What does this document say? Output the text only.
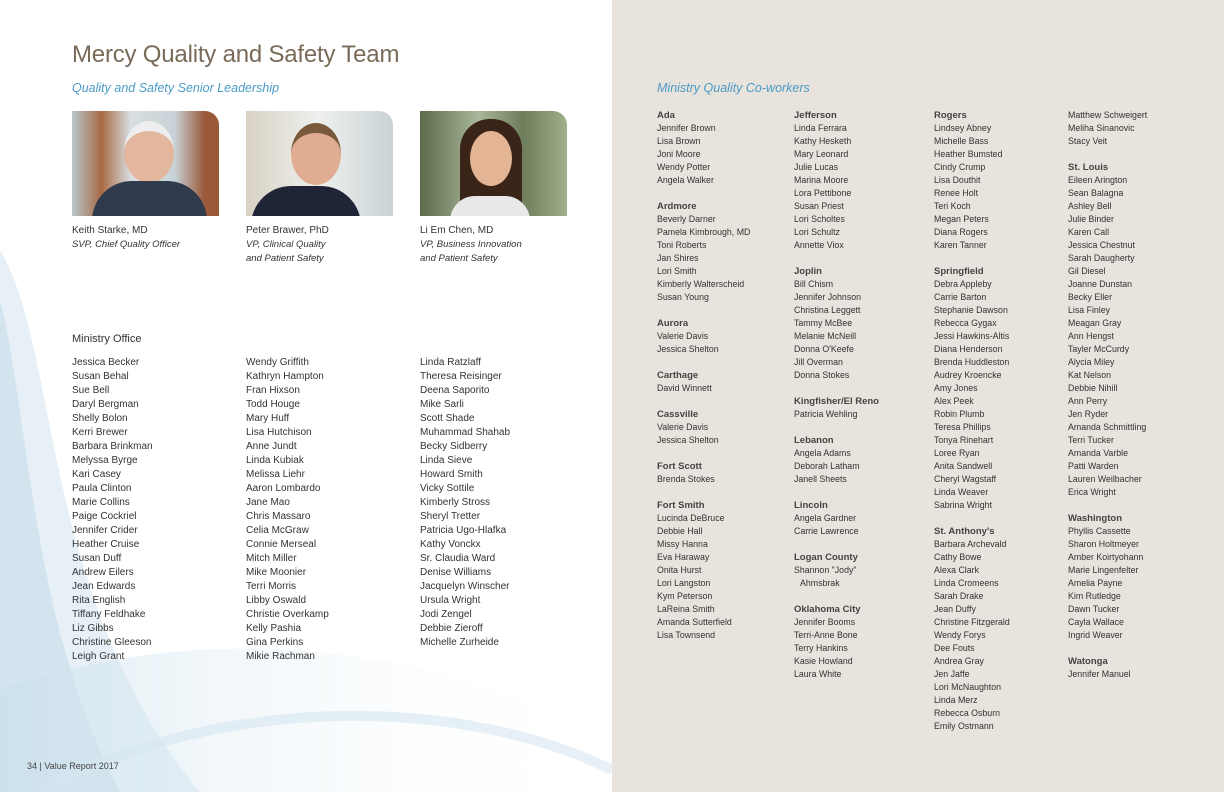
Mercy Quality and Safety Team
Quality and Safety Senior Leadership
Keith Starke, MD
SVP, Chief Quality Officer
Peter Brawer, PhD
VP, Clinical Quality
and Patient Safety
Li Em Chen, MD
VP, Business Innovation
and Patient Safety
Ministry Office
Jessica Becker
Susan Behal
Sue Bell
Daryl Bergman
Shelly Bolon
Kerri Brewer
Barbara Brinkman
Melyssa Byrge
Kari Casey
Paula Clinton
Marie Collins
Paige Cockriel
Jennifer Crider
Heather Cruise
Susan Duff
Andrew Eilers
Jean Edwards
Rita English
Tiffany Feldhake
Liz Gibbs
Christine Gleeson
Leigh Grant
Wendy Griffith
Kathryn Hampton
Fran Hixson
Todd Houge
Mary Huff
Lisa Hutchison
Anne Jundt
Linda Kubiak
Melissa Liehr
Aaron Lombardo
Jane Mao
Chris Massaro
Celia McGraw
Connie Merseal
Mitch Miller
Mike Moonier
Terri Morris
Libby Oswald
Christie Overkamp
Kelly Pashia
Gina Perkins
Mikie Rachman
Linda Ratzlaff
Theresa Reisinger
Deena Saporito
Mike Sarli
Scott Shade
Muhammad Shahab
Becky Sidberry
Linda Sieve
Howard Smith
Vicky Sottile
Kimberly Stross
Sheryl Tretter
Patricia Ugo-Hlafka
Kathy Vonckx
Sr. Claudia Ward
Denise Williams
Jacquelyn Winscher
Ursula Wright
Jodi Zengel
Debbie Zieroff
Michelle Zurheide
34 | Value Report 2017
Ministry Quality Co-workers
Ada
Jennifer Brown
Lisa Brown
Joni Moore
Wendy Potter
Angela Walker
Ardmore
Beverly Darner
Pamela Kimbrough, MD
Toni Roberts
Jan Shires
Lori Smith
Kimberly Walterscheid
Susan Young
Aurora
Valerie Davis
Jessica Shelton
Carthage
David Winnett
Cassville
Valerie Davis
Jessica Shelton
Fort Scott
Brenda Stokes
Fort Smith
Lucinda DeBruce
Debbie Hall
Missy Hanna
Eva Haraway
Onita Hurst
Lori Langston
Kym Peterson
LaReina Smith
Amanda Sutterfield
Lisa Townsend
Jefferson
Linda Ferrara
Kathy Hesketh
Mary Leonard
Julie Lucas
Marina Moore
Lora Pettibone
Susan Priest
Lori Scholtes
Lori Schultz
Annette Viox
Joplin
Bill Chism
Jennifer Johnson
Christina Leggett
Tammy McBee
Melanie McNeill
Donna O'Keefe
Jill Overman
Donna Stokes
Kingfisher/El Reno
Patricia Wehling
Lebanon
Angela Adams
Deborah Latham
Janell Sheets
Lincoln
Angela Gardner
Carrie Lawrence
Logan County
Shannon "Jody"
Ahmsbrak
Oklahoma City
Jennifer Booms
Terri-Anne Bone
Terry Hankins
Kasie Howland
Laura White
Rogers
Lindsey Abney
Michelle Bass
Heather Bumsted
Cindy Crump
Lisa Douthit
Renee Holt
Teri Koch
Megan Peters
Diana Rogers
Karen Tanner
Springfield
Debra Appleby
Carrie Barton
Stephanie Dawson
Rebecca Gygax
Jessi Hawkins-Altis
Diana Henderson
Brenda Huddleston
Audrey Kroencke
Amy Jones
Alex Peek
Robin Plumb
Teresa Phillips
Tonya Rinehart
Loree Ryan
Anita Sandwell
Cheryl Wagstaff
Linda Weaver
Sabrina Wright
St. Anthony's
Barbara Archevald
Cathy Bowe
Alexa Clark
Linda Cromeens
Sarah Drake
Jean Duffy
Christine Fitzgerald
Wendy Forys
Dee Fouts
Andrea Gray
Jen Jaffe
Lori McNaughton
Linda Merz
Rebecca Osburn
Emily Ostmann
Matthew Schweigert
Meliha Sinanovic
Stacy Veit
St. Louis
Eileen Arington
Sean Balagna
Ashley Bell
Julie Binder
Karen Call
Jessica Chestnut
Sarah Daugherty
Gil Diesel
Joanne Dunstan
Becky Eller
Lisa Finley
Meagan Gray
Ann Hengst
Tayler McCurdy
Alycia Miley
Kat Nelson
Debbie Nihill
Ann Perry
Jen Ryder
Amanda Schmittling
Terri Tucker
Amanda Varble
Patti Warden
Lauren Weilbacher
Erica Wright
Washington
Phyllis Cassette
Sharon Holtmeyer
Amber Koirtyohann
Marie Lingenfelter
Amelia Payne
Kim Rutledge
Dawn Tucker
Cayla Wallace
Ingrid Weaver
Watonga
Jennifer Manuel
